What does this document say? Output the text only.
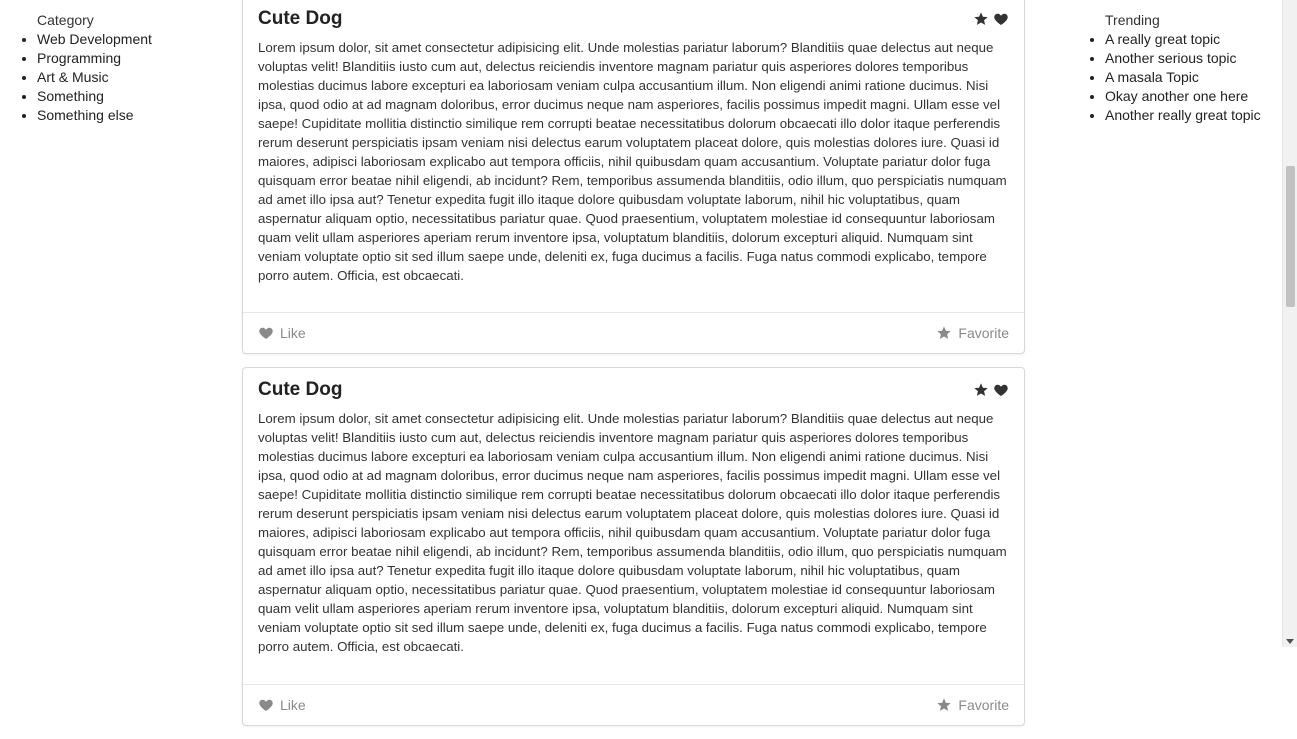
Category
• Web Development
• Programming
• Art & Music
• Something
• Something else
Cute Dog

Lorem ipsum dolor, sit amet consectetur adipisicing elit. Unde molestias pariatur laborum? Blanditiis quae delectus aut neque voluptas velit! Blanditiis iusto cum aut, delectus reiciendis inventore magnam pariatur quis asperiores dolores temporibus molestias ducimus labore excepturi ea laboriosam veniam culpa accusantium illum. Non eligendi animi ratione ducimus. Nisi ipsa, quod odio at ad magnam doloribus, error ducimus neque nam asperiores, facilis possimus impedit magni. Ullam esse vel saepe! Cupiditate mollitia distinctio similique rem corrupti beatae necessitatibus dolorum obcaecati illo dolor itaque perferendis rerum deserunt perspiciatis ipsam veniam nisi delectus earum voluptatem placeat dolore, quis molestias dolores iure. Quasi id maiores, adipisci laboriosam explicabo aut tempora officiis, nihil quibusdam quam accusantium. Voluptate pariatur dolor fuga quisquam error beatae nihil eligendi, ab incidunt? Rem, temporibus assumenda blanditiis, odio illum, quo perspiciatis numquam ad amet illo ipsa aut? Tenetur expedita fugit illo itaque dolore quibusdam voluptate laborum, nihil hic voluptatibus, quam aspernatur aliquam optio, necessitatibus pariatur quae. Quod praesentium, voluptatem molestiae id consequuntur laboriosam quam velit ullam asperiores aperiam rerum inventore ipsa, voluptatum blanditiis, dolorum excepturi aliquid. Numquam sint veniam voluptate optio sit sed illum saepe unde, deleniti ex, fuga ducimus a facilis. Fuga natus commodi explicabo, tempore porro autem. Officia, est obcaecati.

Like	Favorite
Cute Dog

Lorem ipsum dolor, sit amet consectetur adipisicing elit. Unde molestias pariatur laborum? Blanditiis quae delectus aut neque voluptas velit! Blanditiis iusto cum aut, delectus reiciendis inventore magnam pariatur quis asperiores dolores temporibus molestias ducimus labore excepturi ea laboriosam veniam culpa accusantium illum. Non eligendi animi ratione ducimus. Nisi ipsa, quod odio at ad magnam doloribus, error ducimus neque nam asperiores, facilis possimus impedit magni. Ullam esse vel saepe! Cupiditate mollitia distinctio similique rem corrupti beatae necessitatibus dolorum obcaecati illo dolor itaque perferendis rerum deserunt perspiciatis ipsam veniam nisi delectus earum voluptatem placeat dolore, quis molestias dolores iure. Quasi id maiores, adipisci laboriosam explicabo aut tempora officiis, nihil quibusdam quam accusantium. Voluptate pariatur dolor fuga quisquam error beatae nihil eligendi, ab incidunt? Rem, temporibus assumenda blanditiis, odio illum, quo perspiciatis numquam ad amet illo ipsa aut? Tenetur expedita fugit illo itaque dolore quibusdam voluptate laborum, nihil hic voluptatibus, quam aspernatur aliquam optio, necessitatibus pariatur quae. Quod praesentium, voluptatem molestiae id consequuntur laboriosam quam velit ullam asperiores aperiam rerum inventore ipsa, voluptatum blanditiis, dolorum excepturi aliquid. Numquam sint veniam voluptate optio sit sed illum saepe unde, deleniti ex, fuga ducimus a facilis. Fuga natus commodi explicabo, tempore porro autem. Officia, est obcaecati.

Like	Favorite
Trending
• A really great topic
• Another serious topic
• A masala Topic
• Okay another one here
• Another really great topic
